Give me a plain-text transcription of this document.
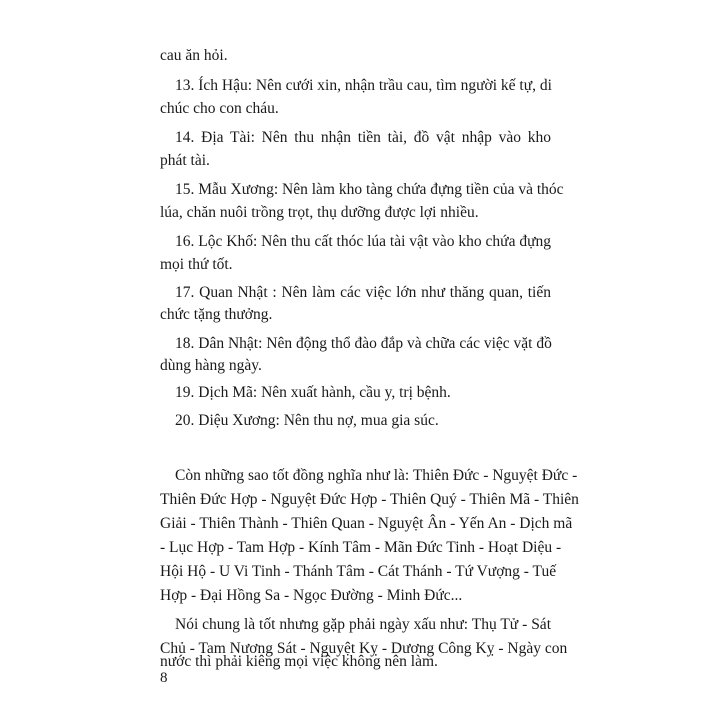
cau ăn hỏi.
13. Ích Hậu: Nên cưới xin, nhận trầu cau, tìm người kế tự, di
chúc cho con cháu.
14. Địa Tài: Nên thu nhận tiền tài, đồ vật nhập vào kho
phát tài.
15. Mẫu Xương: Nên làm kho tàng chứa đựng tiền của và thóc
lúa, chăn nuôi trồng trọt, thụ dưỡng được lợi nhiều.
16. Lộc Khố: Nên thu cất thóc lúa tài vật vào kho chứa đựng
mọi thứ tốt.
17. Quan Nhật : Nên làm các việc lớn như thăng quan, tiến
chức tặng thưởng.
18. Dân Nhật: Nên động thổ đào đắp và chữa các việc vặt đồ
dùng hàng ngày.
19. Dịch Mã: Nên xuất hành, cầu y, trị bệnh.
20. Diệu Xương: Nên thu nợ, mua gia súc.
Còn những sao tốt đồng nghĩa như là: Thiên Đức - Nguyệt Đức -
Thiên Đức Hợp - Nguyệt Đức Hợp - Thiên Quý - Thiên Mã - Thiên
Giải - Thiên Thành - Thiên Quan - Nguyệt Ân - Yến An - Dịch mã
- Lục Hợp - Tam Hợp - Kính Tâm - Mãn Đức Tinh - Hoạt Diệu -
Hội Hộ - U Vi Tinh - Thánh Tâm - Cát Thánh - Tứ Vượng - Tuế
Hợp - Đại Hồng Sa - Ngọc Đường - Minh Đức...
Nói chung là tốt nhưng gặp phải ngày xấu như: Thụ Tử - Sát
Chủ - Tam Nương Sát - Nguyệt Kỵ - Dương Công Kỵ - Ngày con
nước thì phải kiêng mọi việc không nên làm.
8
